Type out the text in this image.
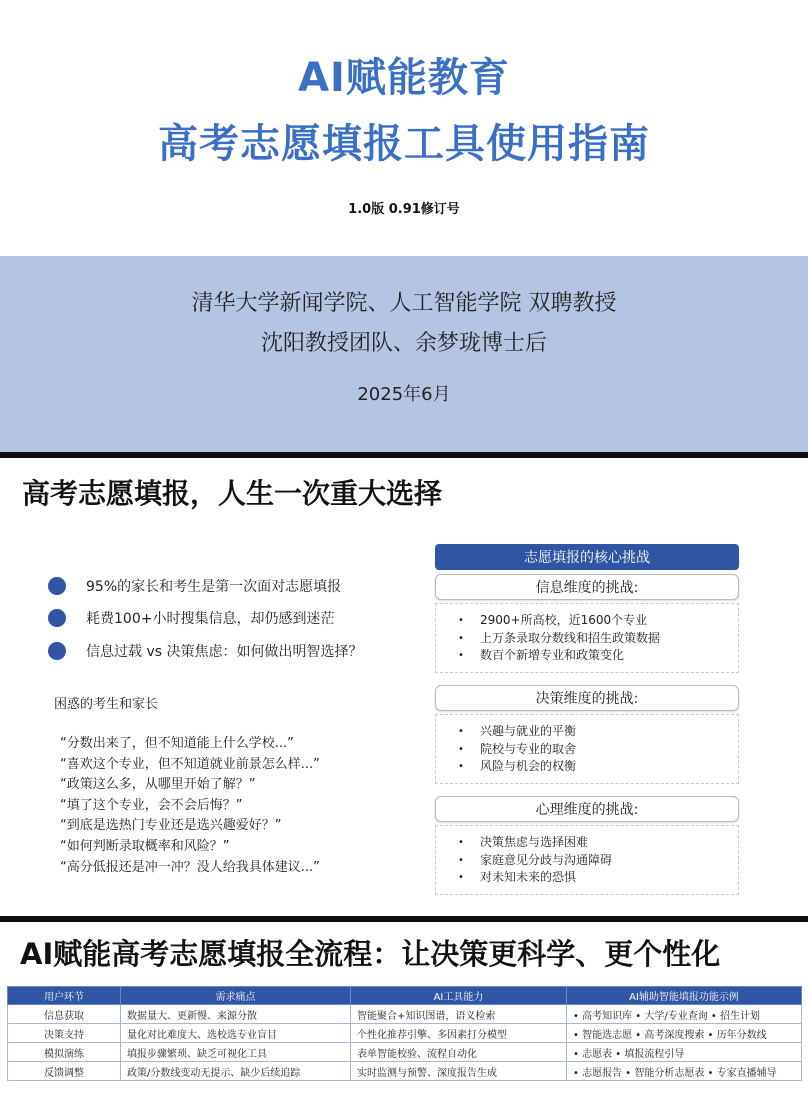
AI赋能教育
高考志愿填报工具使用指南
1.0版 0.91修订号
清华大学新闻学院、人工智能学院 双聘教授
沈阳教授团队、余梦珑博士后
2025年6月
高考志愿填报，人生一次重大选择
95%的家长和考生是第一次面对志愿填报
耗费100+小时搜集信息，却仍感到迷茫
信息过载 vs 决策焦虑：如何做出明智选择？
困惑的考生和家长
“分数出来了，但不知道能上什么学校...”
“喜欢这个专业，但不知道就业前景怎么样...”
“政策这么多，从哪里开始了解？”
“填了这个专业，会不会后悔？”
“到底是选热门专业还是选兴趣爱好？”
“如何判断录取概率和风险？”
“高分低报还是冲一冲？没人给我具体建议...”
志愿填报的核心挑战
信息维度的挑战:
•	2900+所高校，近1600个专业
•	上万条录取分数线和招生政策数据
•	数百个新增专业和政策变化
决策维度的挑战:
•	兴趣与就业的平衡
•	院校与专业的取舍
•	风险与机会的权衡
心理维度的挑战:
•	决策焦虑与选择困难
•	家庭意见分歧与沟通障碍
•	对未知未来的恐惧
AI赋能高考志愿填报全流程：让决策更科学、更个性化
用户环节	需求痛点	AI工具能力	AI辅助智能填报功能示例
信息获取	数据量大、更新慢、来源分散	智能聚合+知识图谱，语义检索	• 高考知识库 • 大学/专业查询 • 招生计划
决策支持	量化对比难度大、选校选专业盲目	个性化推荐引擎、多因素打分模型	• 智能选志愿 • 高考深度搜索 • 历年分数线
模拟演练	填报步骤繁琐、缺乏可视化工具	表单智能校验、流程自动化	• 志愿表 • 填报流程引导
反馈调整	政策/分数线变动无提示、缺少后续追踪	实时监测与预警、深度报告生成	• 志愿报告 • 智能分析志愿表 • 专家直播辅导
